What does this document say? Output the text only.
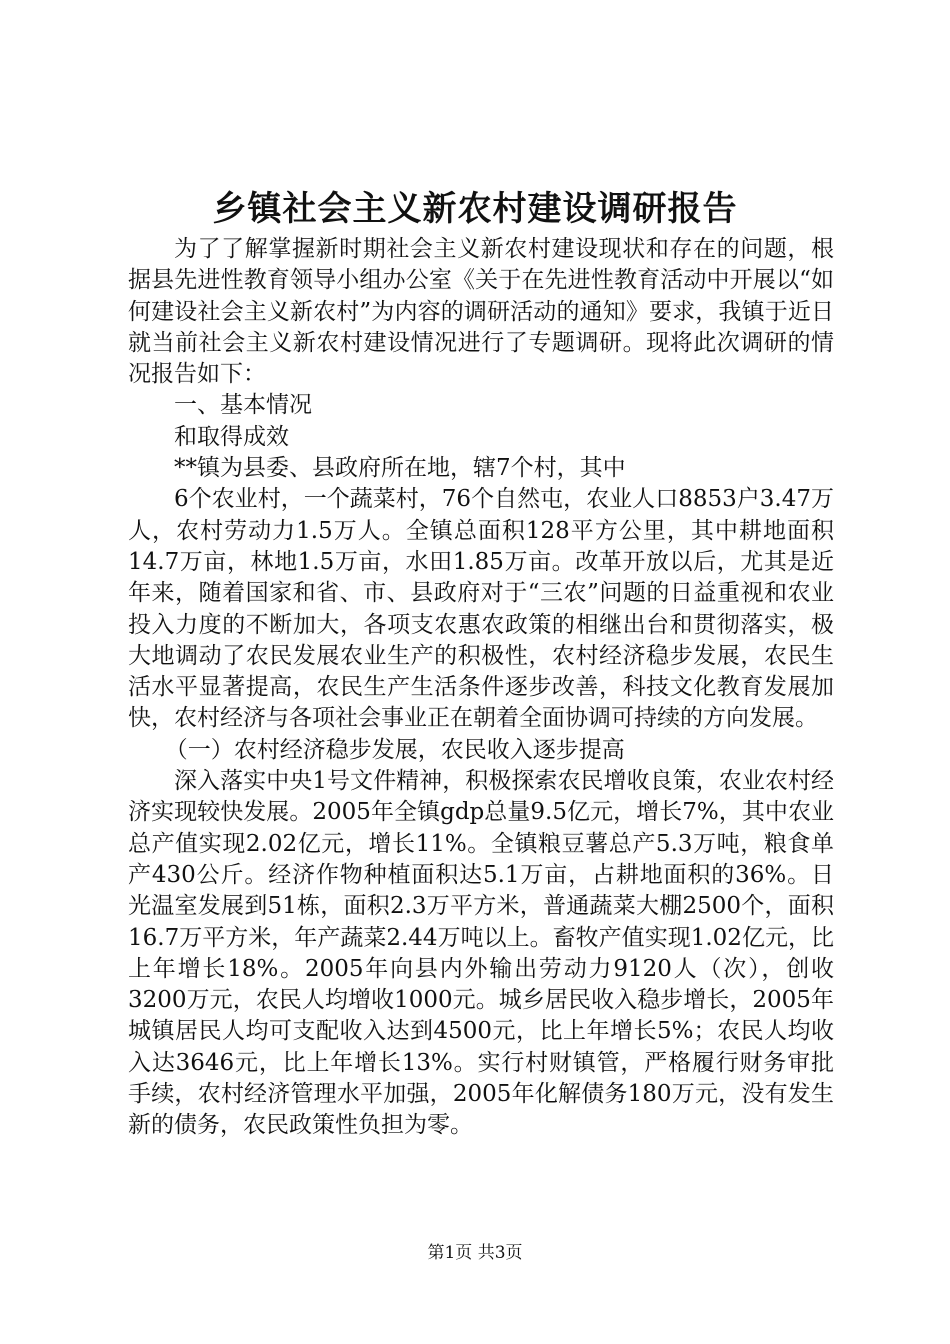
乡镇社会主义新农村建设调研报告

为了了解掌握新时期社会主义新农村建设现状和存在的问题，根据县先进性教育领导小组办公室《关于在先进性教育活动中开展以“如何建设社会主义新农村”为内容的调研活动的通知》要求，我镇于近日就当前社会主义新农村建设情况进行了专题调研。现将此次调研的情况报告如下：

一、基本情况

和取得成效

**镇为县委、县政府所在地，辖7个村，其中

6个农业村，一个蔬菜村，76个自然屯，农业人口8853户3.47万人，农村劳动力1.5万人。全镇总面积128平方公里，其中耕地面积14.7万亩，林地1.5万亩，水田1.85万亩。改革开放以后，尤其是近年来，随着国家和省、市、县政府对于“三农”问题的日益重视和农业投入力度的不断加大，各项支农惠农政策的相继出台和贯彻落实，极大地调动了农民发展农业生产的积极性，农村经济稳步发展，农民生活水平显著提高，农民生产生活条件逐步改善，科技文化教育发展加快，农村经济与各项社会事业正在朝着全面协调可持续的方向发展。

（一）农村经济稳步发展，农民收入逐步提高

深入落实中央1号文件精神，积极探索农民增收良策，农业农村经济实现较快发展。2005年全镇gdp总量9.5亿元，增长7%，其中农业总产值实现2.02亿元，增长11%。全镇粮豆薯总产5.3万吨，粮食单产430公斤。经济作物种植面积达5.1万亩，占耕地面积的36%。日光温室发展到51栋，面积2.3万平方米，普通蔬菜大棚2500个，面积16.7万平方米，年产蔬菜2.44万吨以上。畜牧产值实现1.02亿元，比上年增长18%。2005年向县内外输出劳动力9120人（次），创收3200万元，农民人均增收1000元。城乡居民收入稳步增长，2005年城镇居民人均可支配收入达到4500元，比上年增长5%；农民人均收入达3646元，比上年增长13%。实行村财镇管，严格履行财务审批手续，农村经济管理水平加强，2005年化解债务180万元，没有发生新的债务，农民政策性负担为零。

第1页 共3页
